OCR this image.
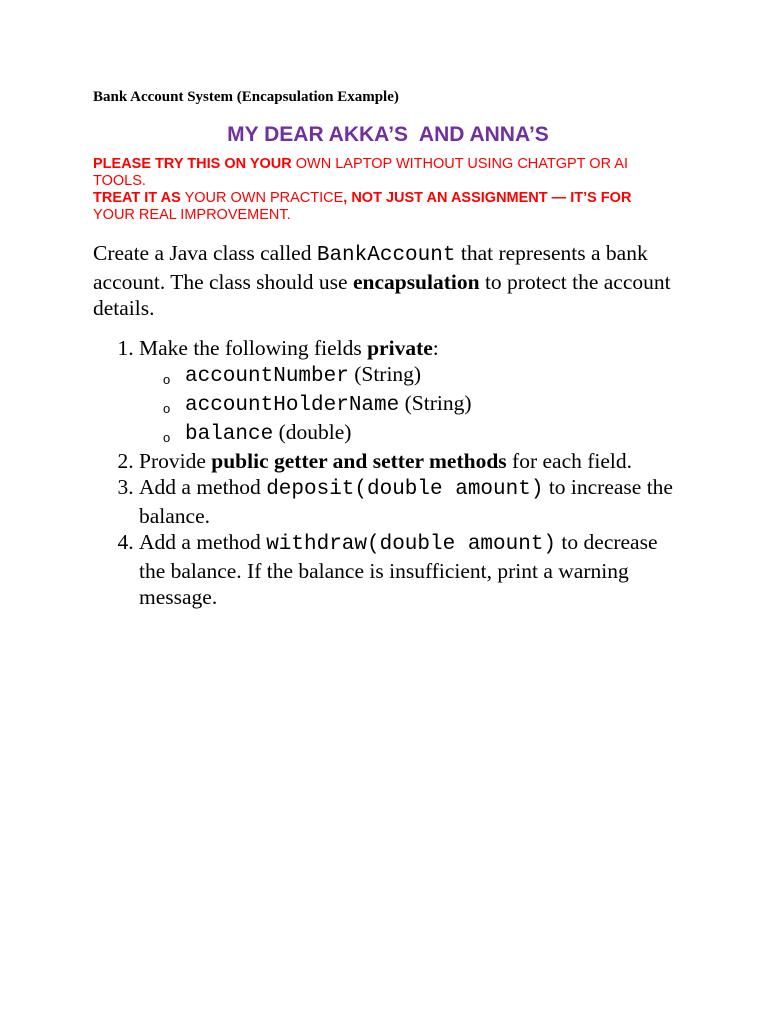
Bank Account System (Encapsulation Example)

MY DEAR AKKA’S  AND ANNA’S

PLEASE TRY THIS ON YOUR OWN LAPTOP WITHOUT USING CHATGPT OR AI TOOLS.
TREAT IT AS YOUR OWN PRACTICE, NOT JUST AN ASSIGNMENT — IT’S FOR YOUR REAL IMPROVEMENT.

Create a Java class called BankAccount that represents a bank account. The class should use encapsulation to protect the account details.

1. Make the following fields private:
o accountNumber (String)
o accountHolderName (String)
o balance (double)
2. Provide public getter and setter methods for each field.
3. Add a method deposit(double amount) to increase the balance.
4. Add a method withdraw(double amount) to decrease the balance. If the balance is insufficient, print a warning message.
